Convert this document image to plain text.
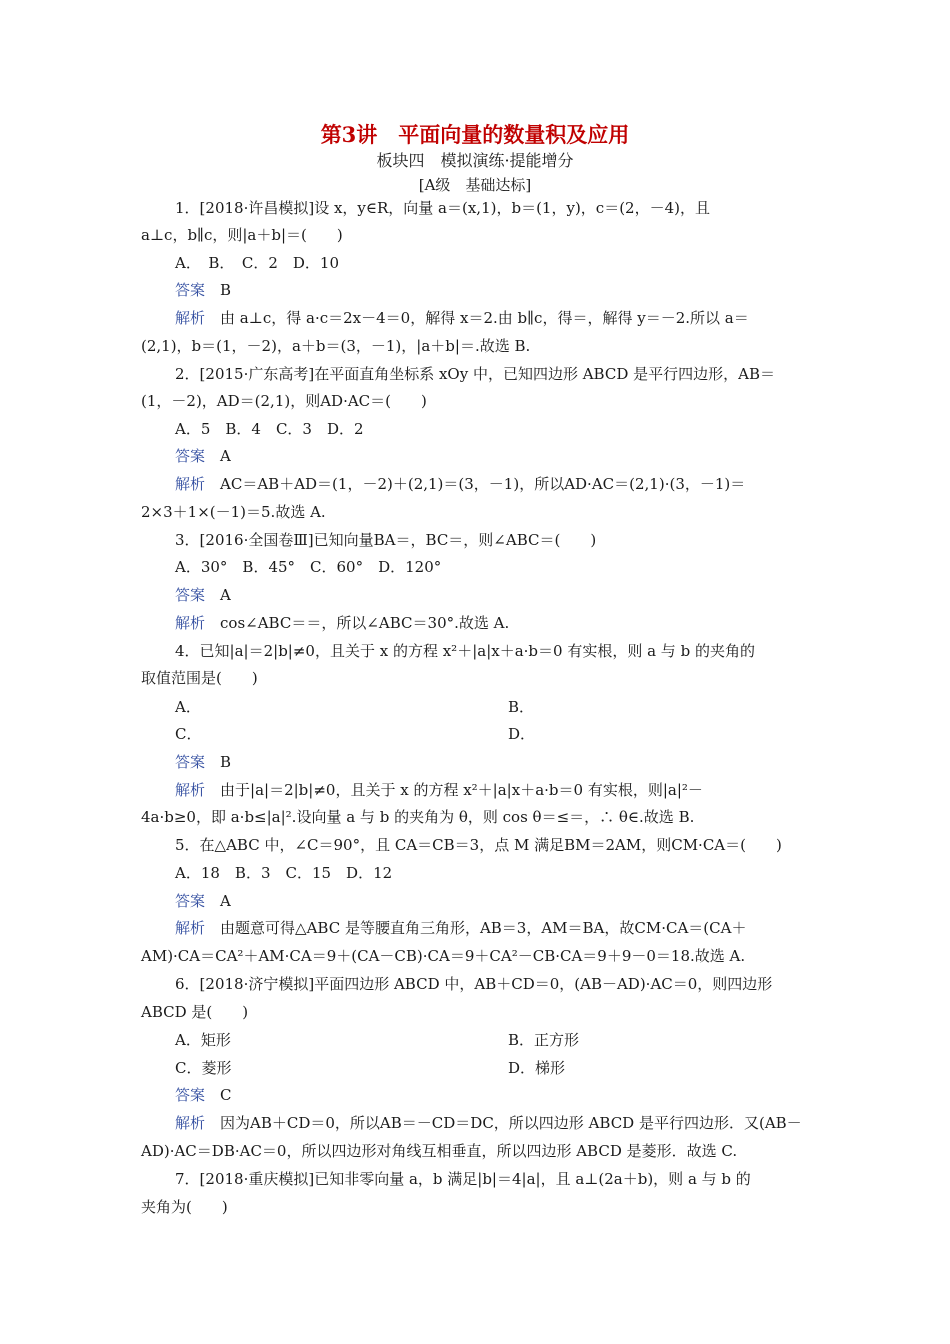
第3讲　平面向量的数量积及应用
板块四　模拟演练·提能增分
[A级　基础达标]
1．[2018·许昌模拟]设 x，y∈R，向量 a＝(x,1)，b＝(1，y)，c＝(2，－4)，且
a⊥c，b∥c，则|a＋b|＝(　　)
A．　B．　C．2　D．10
答案　 B
解析　 由 a⊥c，得 a·c＝2x－4＝0，解得 x＝2.由 b∥c，得＝，解得 y＝－2.所以 a＝
(2,1)，b＝(1，－2)，a＋b＝(3，－1)，|a＋b|＝.故选 B.
2．[2015·广东高考]在平面直角坐标系 xOy 中，已知四边形 ABCD 是平行四边形，AB＝
(1，－2)，AD＝(2,1)，则AD·AC＝(　　)
A．5　B．4　C．3　D．2
答案　 A
解析　 AC＝AB＋AD＝(1，－2)＋(2,1)＝(3，－1)，所以AD·AC＝(2,1)·(3，－1)＝
2×3＋1×(－1)＝5.故选 A.
3．[2016·全国卷Ⅲ]已知向量BA＝，BC＝，则∠ABC＝(　　)
A．30°　B．45°　C．60°　D．120°
答案　 A
解析　 cos∠ABC＝＝，所以∠ABC＝30°.故选 A.
4．已知|a|＝2|b|≠0，且关于 x 的方程 x²＋|a|x＋a·b＝0 有实根，则 a 与 b 的夹角的
取值范围是(　　)
A．	B．
C．	D．
答案　 B
解析　 由于|a|＝2|b|≠0，且关于 x 的方程 x²＋|a|x＋a·b＝0 有实根，则|a|²－
4a·b≥0，即 a·b≤|a|².设向量 a 与 b 的夹角为 θ，则 cos θ＝≤＝，∴ θ∈.故选 B.
5．在△ABC 中，∠C＝90°，且 CA＝CB＝3，点 M 满足BM＝2AM，则CM·CA＝(　　)
A．18　B．3　C．15　D．12
答案　 A
解析　 由题意可得△ABC 是等腰直角三角形，AB＝3，AM＝BA，故CM·CA＝(CA＋
AM)·CA＝CA²＋AM·CA＝9＋(CA－CB)·CA＝9＋CA²－CB·CA＝9＋9－0＝18.故选 A.
6．[2018·济宁模拟]平面四边形 ABCD 中，AB＋CD＝0，(AB－AD)·AC＝0，则四边形
ABCD 是(　　)
A．矩形	B．正方形
C．菱形	D．梯形
答案　 C
解析　 因为AB＋CD＝0，所以AB＝－CD＝DC，所以四边形 ABCD 是平行四边形．又(AB－
AD)·AC＝DB·AC＝0，所以四边形对角线互相垂直，所以四边形 ABCD 是菱形．故选 C.
7．[2018·重庆模拟]已知非零向量 a，b 满足|b|＝4|a|，且 a⊥(2a＋b)，则 a 与 b 的
夹角为(　　)
